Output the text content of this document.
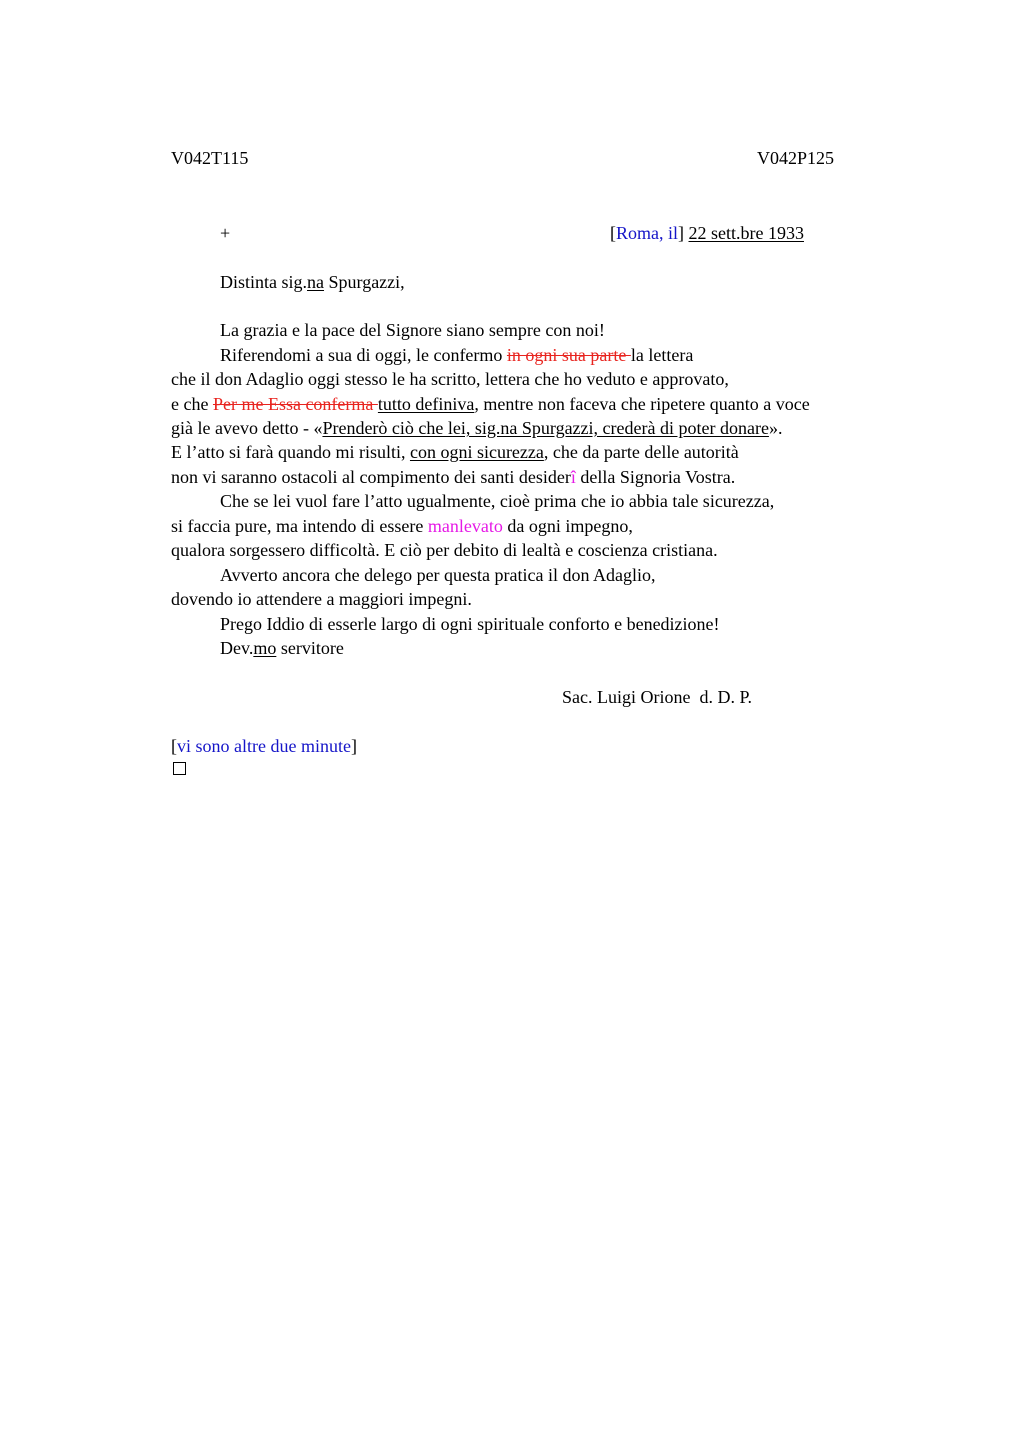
V042T115	V042P125
+	[Roma, il] 22 sett.bre 1933
Distinta sig.na Spurgazzi,
La grazia e la pace del Signore siano sempre con noi!
Riferendomi a sua di oggi, le confermo in ogni sua parte la lettera
che il don Adaglio oggi stesso le ha scritto, lettera che ho veduto e approvato,
e che Per me Essa conferma tutto definiva, mentre non faceva che ripetere quanto a voce
già le avevo detto - «Prenderò ciò che lei, sig.na Spurgazzi, crederà di poter donare».
E l’atto si farà quando mi risulti, con ogni sicurezza, che da parte delle autorità
non vi saranno ostacoli al compimento dei santi desiderî della Signoria Vostra.
Che se lei vuol fare l’atto ugualmente, cioè prima che io abbia tale sicurezza,
si faccia pure, ma intendo di essere manlevato da ogni impegno,
qualora sorgessero difficoltà. E ciò per debito di lealtà e coscienza cristiana.
Avverto ancora che delego per questa pratica il don Adaglio,
dovendo io attendere a maggiori impegni.
Prego Iddio di esserle largo di ogni spirituale conforto e benedizione!
Dev.mo servitore
Sac. Luigi Orione  d. D. P.
[vi sono altre due minute]
